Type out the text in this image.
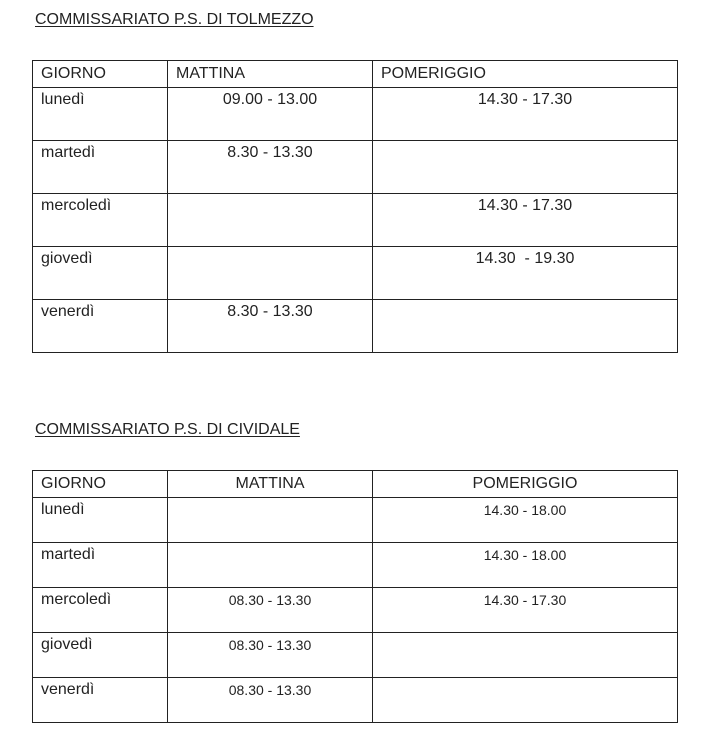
COMMISSARIATO P.S. DI TOLMEZZO
GIORNO	MATTINA	POMERIGGIO

lunedì	09.00 - 13.00	14.30 - 17.30

martedì	8.30 - 13.30	

mercoledì		14.30 - 17.30

giovedì		14.30  - 19.30

venerdì	8.30 - 13.30	

COMMISSARIATO P.S. DI CIVIDALE
GIORNO	MATTINA	POMERIGGIO

lunedì		14.30 - 18.00

martedì		14.30 - 18.00

mercoledì	08.30 - 13.30	14.30 - 17.30

giovedì	08.30 - 13.30	

venerdì	08.30 - 13.30	
